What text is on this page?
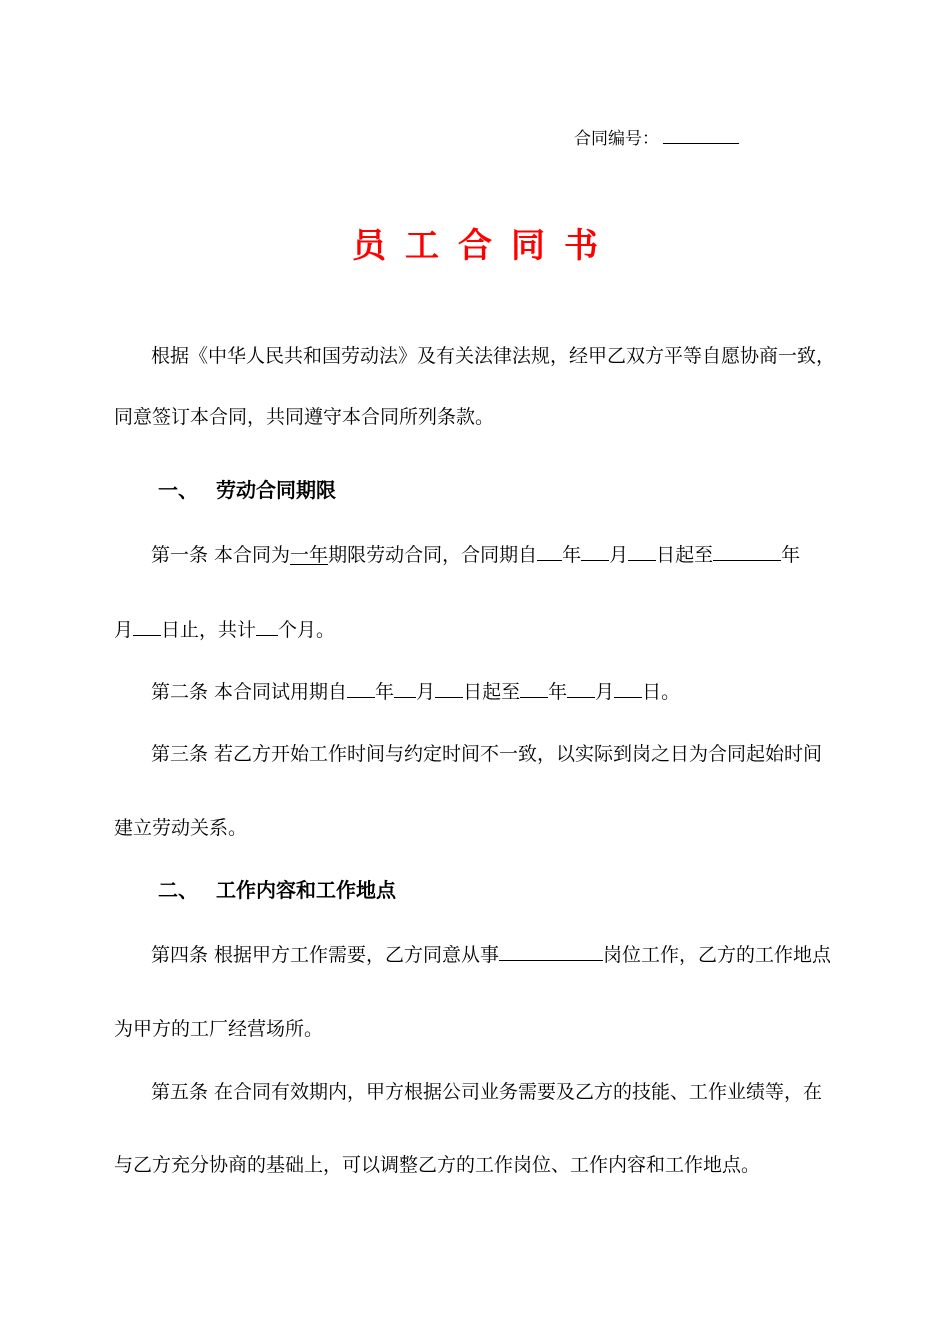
合同编号：
员工合同书
根据《中华人民共和国劳动法》及有关法律法规，经甲乙双方平等自愿协商一致，
同意签订本合同，共同遵守本合同所列条款。
一、 劳动合同期限
第一条 本合同为一年期限劳动合同，合同期自 年 月 日起至	年
月 日止，共计 个月。
第二条 本合同试用期自 年 月 日起至 年 月 日。
第三条 若乙方开始工作时间与约定时间不一致，以实际到岗之日为合同起始时间
建立劳动关系。
二、 工作内容和工作地点
第四条 根据甲方工作需要，乙方同意从事	岗位工作，乙方的工作地点
为甲方的工厂经营场所。
第五条 在合同有效期内，甲方根据公司业务需要及乙方的技能、工作业绩等，在
与乙方充分协商的基础上，可以调整乙方的工作岗位、工作内容和工作地点。
